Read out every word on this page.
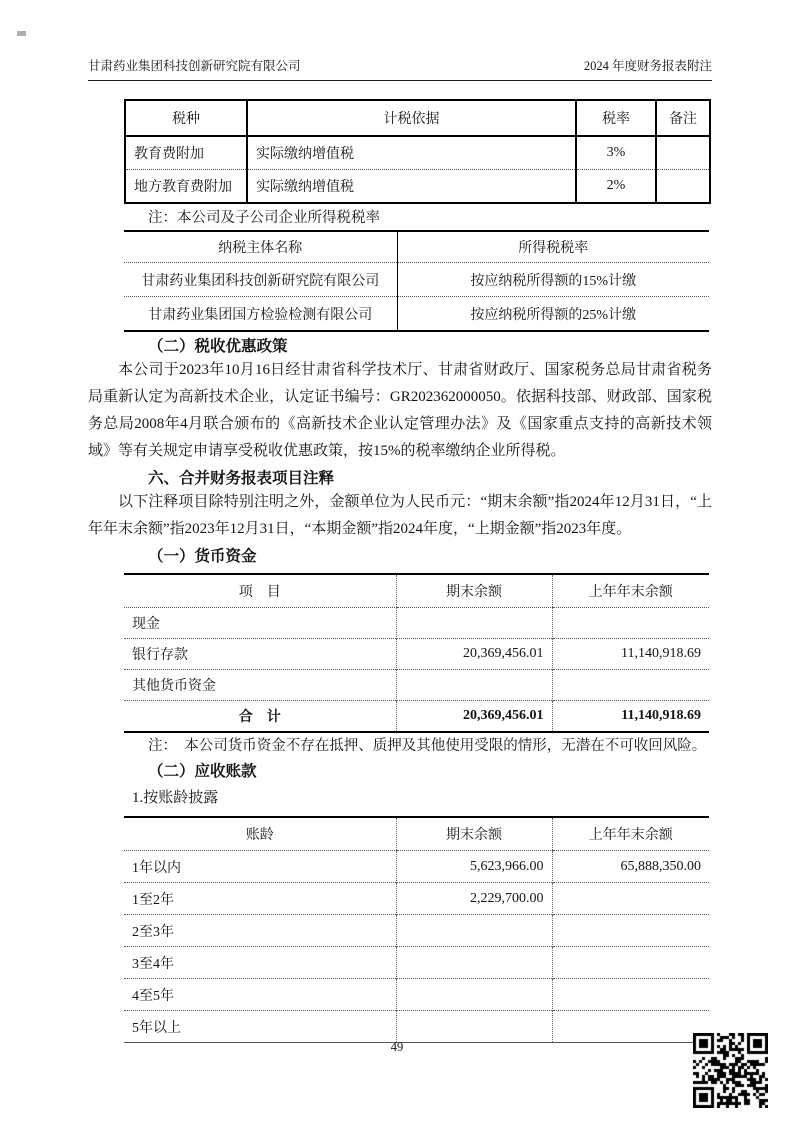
甘肃药业集团科技创新研究院有限公司	2024 年度财务报表附注
税种	计税依据	税率	备注
教育费附加	实际缴纳增值税	3%	
地方教育费附加	实际缴纳增值税	2%	
注：本公司及子公司企业所得税税率
纳税主体名称	所得税税率
甘肃药业集团科技创新研究院有限公司	按应纳税所得额的15%计缴
甘肃药业集团国方检验检测有限公司	按应纳税所得额的25%计缴
（二）税收优惠政策

本公司于2023年10月16日经甘肃省科学技术厅、甘肃省财政厅、国家税务总局甘肃省税务局重新认定为高新技术企业，认定证书编号：GR202362000050。依据科技部、财政部、国家税务总局2008年4月联合颁布的《高新技术企业认定管理办法》及《国家重点支持的高新技术领域》等有关规定申请享受税收优惠政策，按15%的税率缴纳企业所得税。

六、合并财务报表项目注释

以下注释项目除特别注明之外，金额单位为人民币元：“期末余额”指2024年12月31日，“上年年末余额”指2023年12月31日，“本期金额”指2024年度，“上期金额”指2023年度。

（一）货币资金
项　目	期末余额	上年年末余额
现金		
银行存款	20,369,456.01	11,140,918.69
其他货币资金		
合　计	20,369,456.01	11,140,918.69
注：　本公司货币资金不存在抵押、质押及其他使用受限的情形，无潜在不可收回风险。
（二）应收账款
1.按账龄披露
账龄	期末余额	上年年末余额
1年以内	5,623,966.00	65,888,350.00
1至2年	2,229,700.00	
2至3年		
3至4年		
4至5年		
5年以上		
49
